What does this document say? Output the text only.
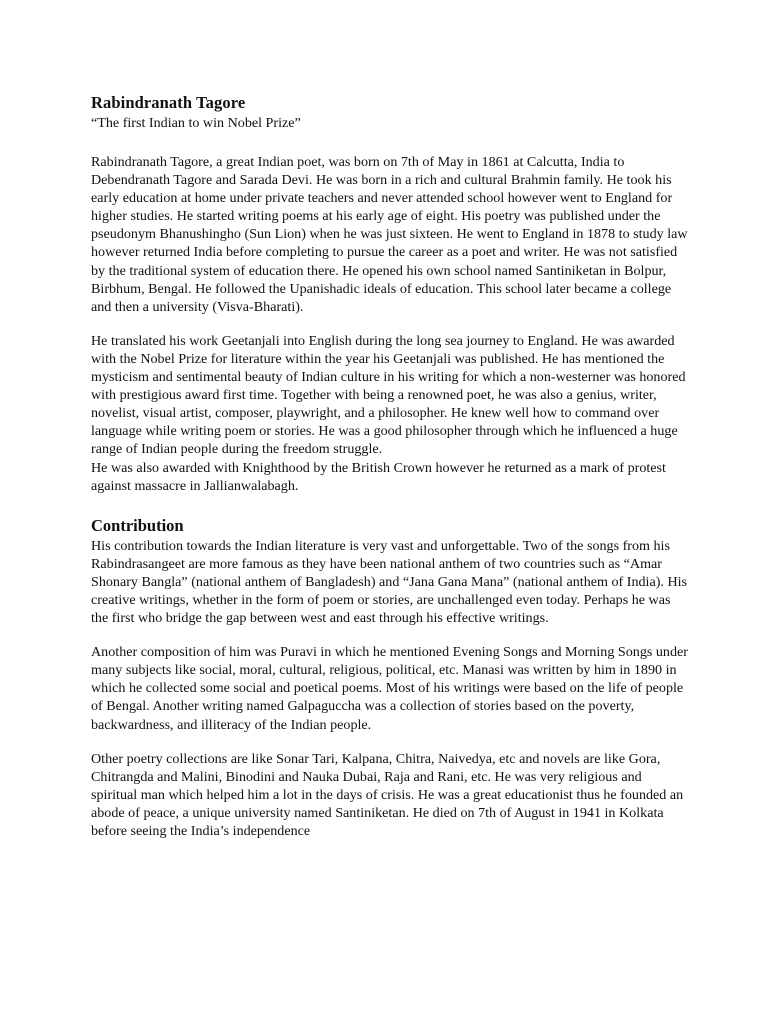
Rabindranath Tagore

“The first Indian to win Nobel Prize”

Rabindranath Tagore, a great Indian poet, was born on 7th of May in 1861 at Calcutta, India to Debendranath Tagore and Sarada Devi. He was born in a rich and cultural Brahmin family. He took his early education at home under private teachers and never attended school however went to England for higher studies. He started writing poems at his early age of eight. His poetry was published under the pseudonym Bhanushingho (Sun Lion) when he was just sixteen. He went to England in 1878 to study law however returned India before completing to pursue the career as a poet and writer. He was not satisfied by the traditional system of education there. He opened his own school named Santiniketan in Bolpur, Birbhum, Bengal. He followed the Upanishadic ideals of education. This school later became a college and then a university (Visva-Bharati).

He translated his work Geetanjali into English during the long sea journey to England. He was awarded with the Nobel Prize for literature within the year his Geetanjali was published. He has mentioned the mysticism and sentimental beauty of Indian culture in his writing for which a non-westerner was honored with prestigious award first time. Together with being a renowned poet, he was also a genius, writer, novelist, visual artist, composer, playwright, and a philosopher. He knew well how to command over language while writing poem or stories. He was a good philosopher through which he influenced a huge range of Indian people during the freedom struggle.

He was also awarded with Knighthood by the British Crown however he returned as a mark of protest against massacre in Jallianwalabagh.

Contribution

His contribution towards the Indian literature is very vast and unforgettable. Two of the songs from his Rabindrasangeet are more famous as they have been national anthem of two countries such as “Amar Shonary Bangla” (national anthem of Bangladesh) and “Jana Gana Mana” (national anthem of India). His creative writings, whether in the form of poem or stories, are unchallenged even today. Perhaps he was the first who bridge the gap between west and east through his effective writings.

Another composition of him was Puravi in which he mentioned Evening Songs and Morning Songs under many subjects like social, moral, cultural, religious, political, etc. Manasi was written by him in 1890 in which he collected some social and poetical poems. Most of his writings were based on the life of people of Bengal. Another writing named Galpaguccha was a collection of stories based on the poverty, backwardness, and illiteracy of the Indian people.

Other poetry collections are like Sonar Tari, Kalpana, Chitra, Naivedya, etc and novels are like Gora, Chitrangda and Malini, Binodini and Nauka Dubai, Raja and Rani, etc. He was very religious and spiritual man which helped him a lot in the days of crisis. He was a great educationist thus he founded an abode of peace, a unique university named Santiniketan. He died on 7th of August in 1941 in Kolkata before seeing the India’s independence
